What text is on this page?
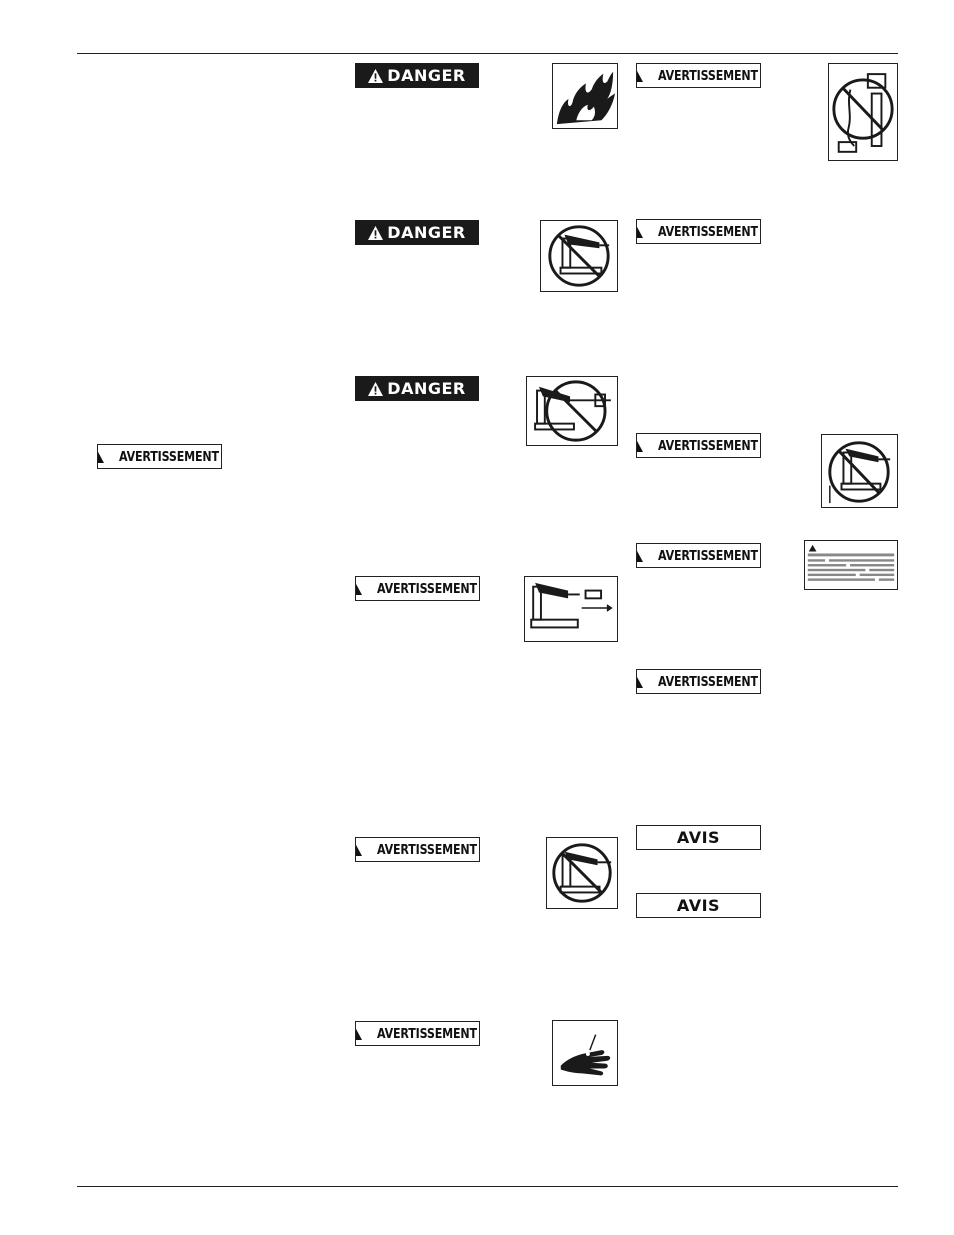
AVERTISSEMENT
DANGER
DANGER
DANGER
AVERTISSEMENT
AVERTISSEMENT
AVERTISSEMENT
AVERTISSEMENT
AVERTISSEMENT
AVERTISSEMENT
AVERTISSEMENT
AVERTISSEMENT
AVIS
AVIS
